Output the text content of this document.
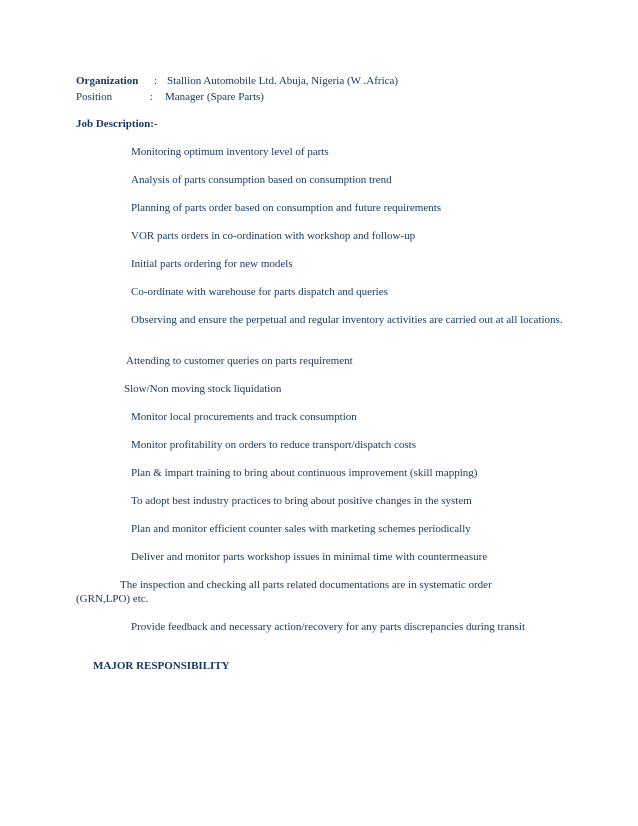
Organization : Stallion Automobile Ltd. Abuja, Nigeria (W .Africa)
Position	: Manager (Spare Parts)
Job Description:-
Monitoring optimum inventory level of parts
Analysis of parts consumption based on consumption trend
Planning of parts order based on consumption and future requirements
VOR parts orders in co-ordination with workshop and follow-up
Initial parts ordering for new models
Co-ordinate with warehouse for parts dispatch and queries
Observing and ensure the perpetual and regular inventory activities are carried out at all locations.
Attending to customer queries on parts requirement
Slow/Non moving stock liquidation
Monitor local procurements and track consumption
Monitor profitability on orders to reduce transport/dispatch costs
Plan & impart training to bring about continuous improvement (skill mapping)
To adopt best industry practices to bring about positive changes in the system
Plan and monitor efficient counter sales with marketing schemes periodically
Deliver and monitor parts workshop issues in minimal time with countermeasure
The inspection and checking all parts related documentations are in systematic order
(GRN,LPO) etc.
Provide feedback and necessary action/recovery for any parts discrepancies during transit
MAJOR RESPONSIBILITY
